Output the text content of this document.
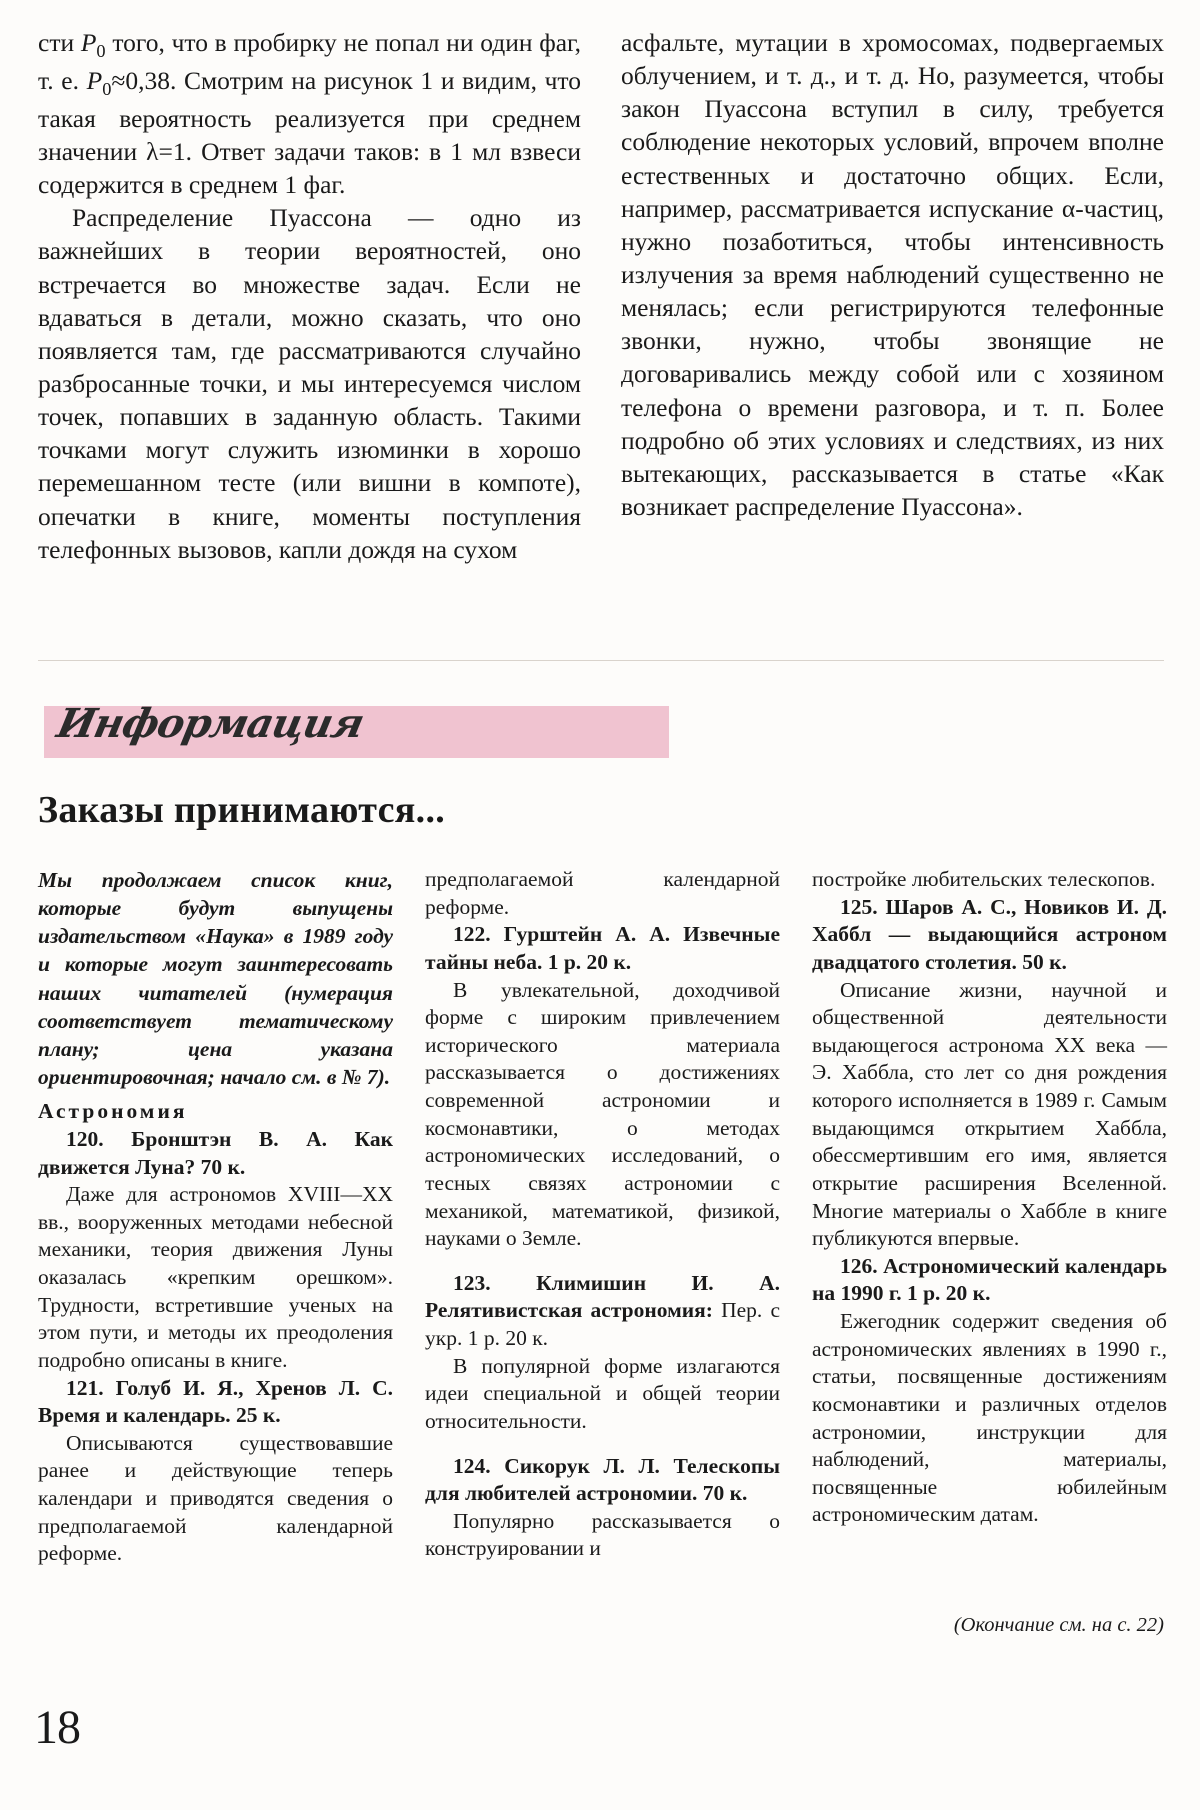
сти $P_0$ того, что в пробирку не попал ни один фаг, т. е. $P_0\approx 0,38$. Смотрим на рисунок 1 и видим, что такая вероятность реализуется при среднем значении λ=1. Ответ задачи таков: в 1 мл взвеси содержится в среднем 1 фаг.

Распределение Пуассона — одно из важнейших в теории вероятностей, оно встречается во множестве задач. Если не вдаваться в детали, можно сказать, что оно появляется там, где рассматриваются случайно разбросанные точки, и мы интересуемся числом точек, попавших в заданную область. Такими точками могут служить изюминки в хорошо перемешанном тесте (или вишни в компоте), опечатки в книге, моменты поступления телефонных вызовов, капли дождя на сухом

асфальте, мутации в хромосомах, подвергаемых облучением, и т. д., и т. д. Но, разумеется, чтобы закон Пуассона вступил в силу, требуется соблюдение некоторых условий, впрочем вполне естественных и достаточно общих. Если, например, рассматривается испускание α-частиц, нужно позаботиться, чтобы интенсивность излучения за время наблюдений существенно не менялась; если регистрируются телефонные звонки, нужно, чтобы звонящие не договаривались между собой или с хозяином телефона о времени разговора, и т. п. Более подробно об этих условиях и следствиях, из них вытекающих, рассказывается в статье «Как возникает распределение Пуассона».

Информация
Заказы принимаются...

Мы продолжаем список книг, которые будут выпущены издательством «Наука» в 1989 году и которые могут заинтересовать наших читателей (нумерация соответствует тематическому плану; цена указана ориентировочная; начало см. в № 7).

Астрономия

120. Бронштэн В. А. Как движется Луна? 70 к.

Даже для астрономов XVIII—XX вв., вооруженных методами небесной механики, теория движения Луны оказалась «крепким орешком». Трудности, встретившие ученых на этом пути, и методы их преодоления подробно описаны в книге.

121. Голуб И. Я., Хренов Л. С. Время и календарь. 25 к.

Описываются существовавшие ранее и действующие теперь календари и приводятся сведения о предполагаемой календарной реформе.

предполагаемой календарной реформе.

122. Гурштейн А. А. Извечные тайны неба. 1 р. 20 к.

В увлекательной, доходчивой форме с широким привлечением исторического материала рассказывается о достижениях современной астрономии и космонавтики, о методах астрономических исследований, о тесных связях астрономии с механикой, математикой, физикой, науками о Земле.

123. Климишин И. А. Релятивистская астрономия: Пер. с укр. 1 р. 20 к.

В популярной форме излагаются идеи специальной и общей теории относительности.

124. Сикорук Л. Л. Телескопы для любителей астрономии. 70 к.

Популярно рассказывается о конструировании и

постройке любительских телескопов.

125. Шаров А. С., Новиков И. Д. Хаббл — выдающийся астроном двадцатого столетия. 50 к.

Описание жизни, научной и общественной деятельности выдающегося астронома XX века — Э. Хаббла, сто лет со дня рождения которого исполняется в 1989 г. Самым выдающимся открытием Хаббла, обессмертившим его имя, является открытие расширения Вселенной. Многие материалы о Хаббле в книге публикуются впервые.

126. Астрономический календарь на 1990 г. 1 р. 20 к.

Ежегодник содержит сведения об астрономических явлениях в 1990 г., статьи, посвященные достижениям космонавтики и различных отделов астрономии, инструкции для наблюдений, материалы, посвященные юбилейным астрономическим датам.

(Окончание см. на с. 22)
18
